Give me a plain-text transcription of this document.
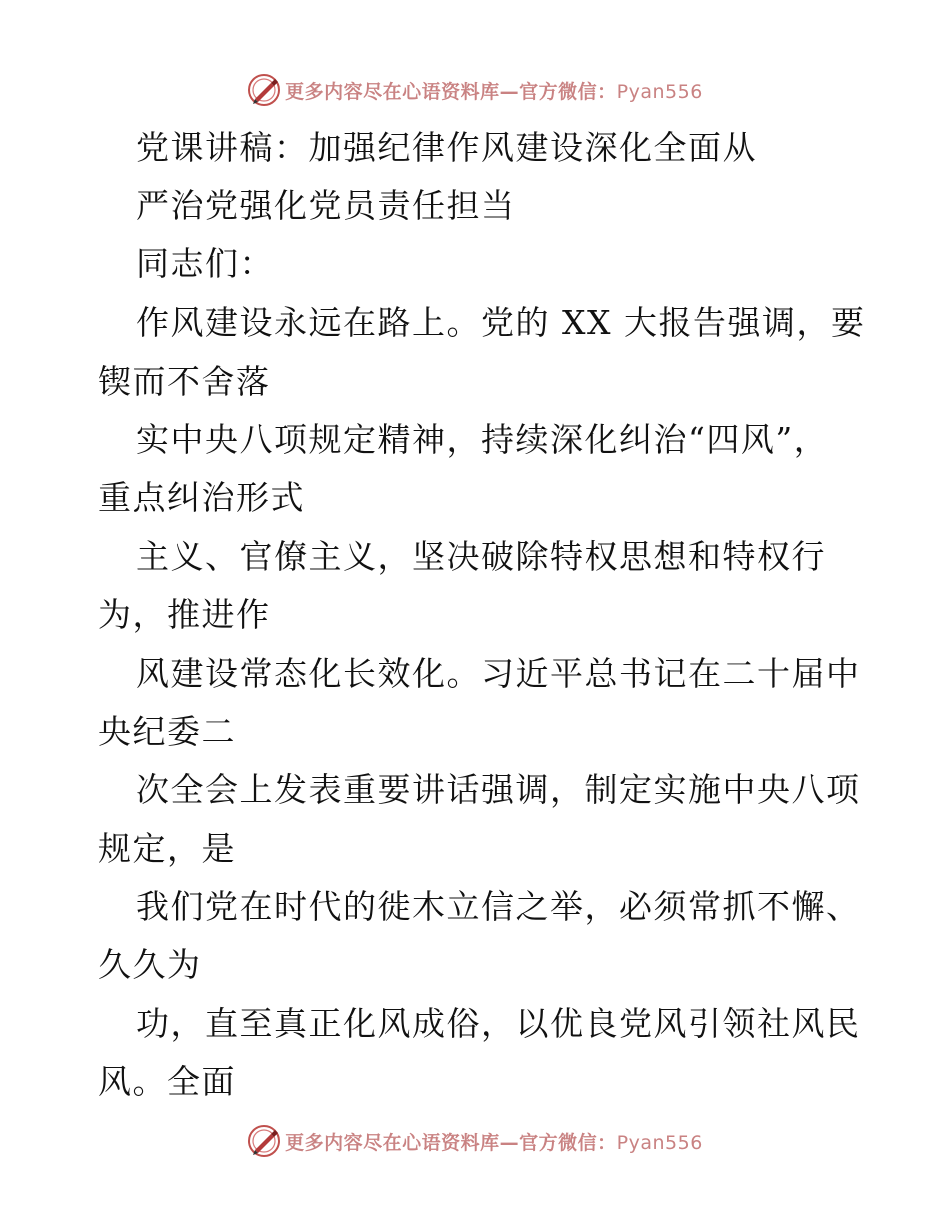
更多内容尽在心语资料库—官方微信：Pyan556
党课讲稿：加强纪律作风建设深化全面从
严治党强化党员责任担当
同志们：
作风建设永远在路上。党的 XX 大报告强调，要
锲而不舍落
实中央八项规定精神，持续深化纠治“四风”，
重点纠治形式
主义、官僚主义，坚决破除特权思想和特权行
为，推进作
风建设常态化长效化。习近平总书记在二十届中
央纪委二
次全会上发表重要讲话强调，制定实施中央八项
规定，是
我们党在时代的徙木立信之举，必须常抓不懈、
久久为
功，直至真正化风成俗，以优良党风引领社风民
风。全面
更多内容尽在心语资料库—官方微信：Pyan556
